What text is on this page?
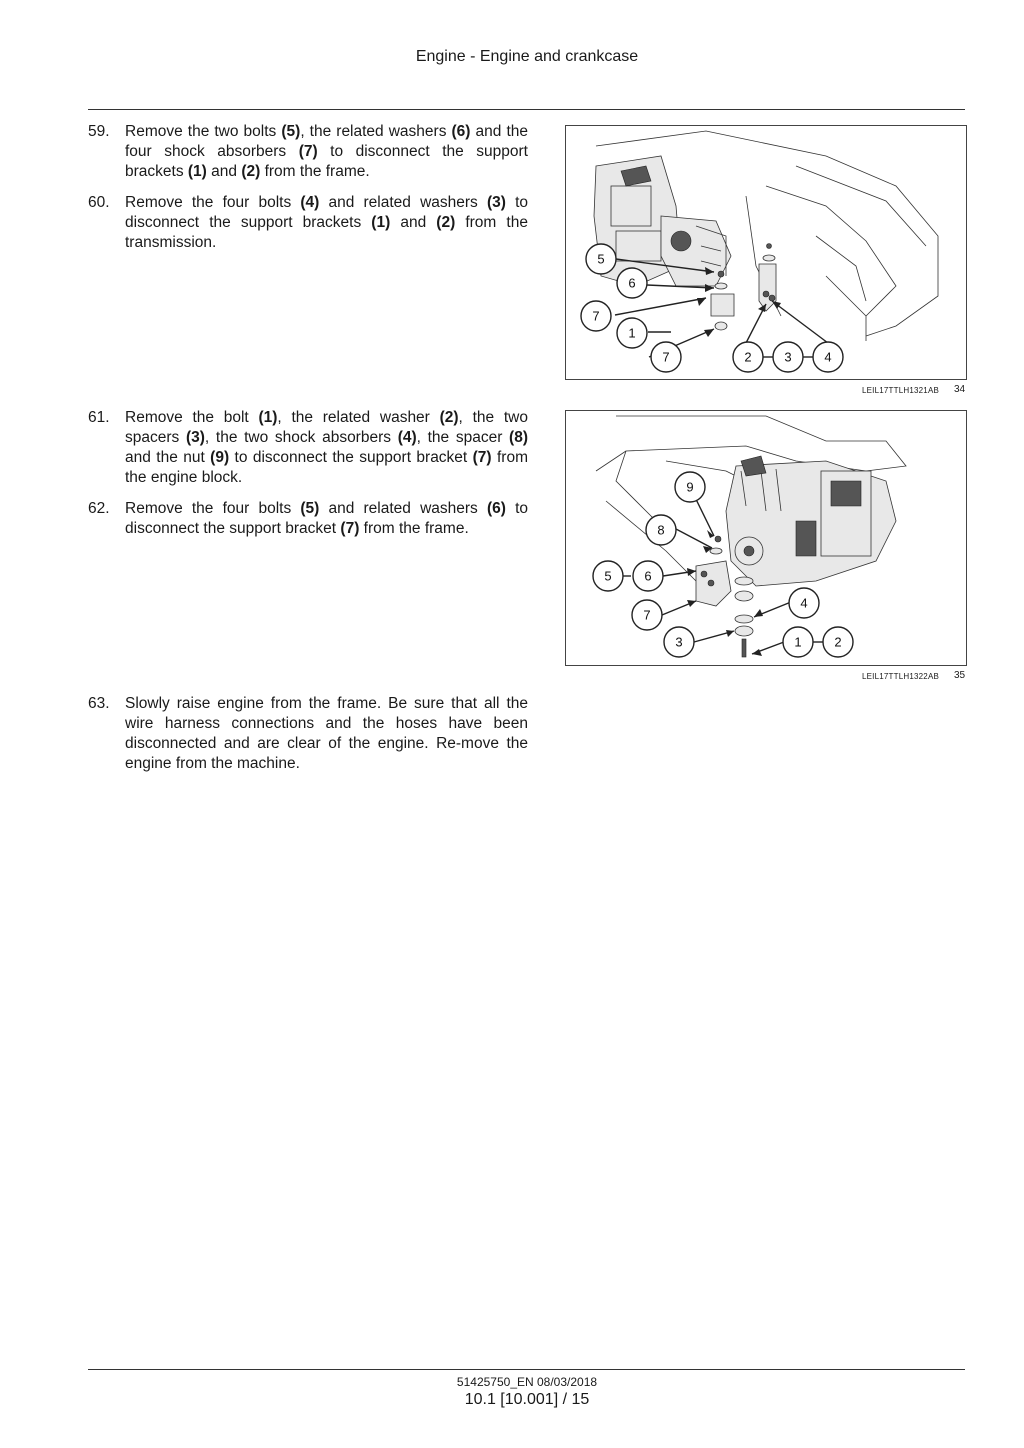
Engine - Engine and crankcase
59. Remove the two bolts (5), the related washers (6) and the four shock absorbers (7) to disconnect the support brackets (1) and (2) from the frame.
60. Remove the four bolts (4) and related washers (3) to disconnect the support brackets (1) and (2) from the transmission.
5
6
7
1
7	2	3	4
LEIL17TTLH1321AB 34
61. Remove the bolt (1), the related washer (2), the two spacers (3), the two shock absorbers (4), the spacer (8) and the nut (9) to disconnect the support bracket (7) from the engine block.
62. Remove the four bolts (5) and related washers (6) to disconnect the support bracket (7) from the frame.
9
8
5	6
7
4
3	1	2
LEIL17TTLH1322AB 35
63. Slowly raise engine from the frame. Be sure that all the wire harness connections and the hoses have been disconnected and are clear of the engine. Re-move the engine from the machine.
51425750_EN 08/03/2018
10.1 [10.001] / 15
